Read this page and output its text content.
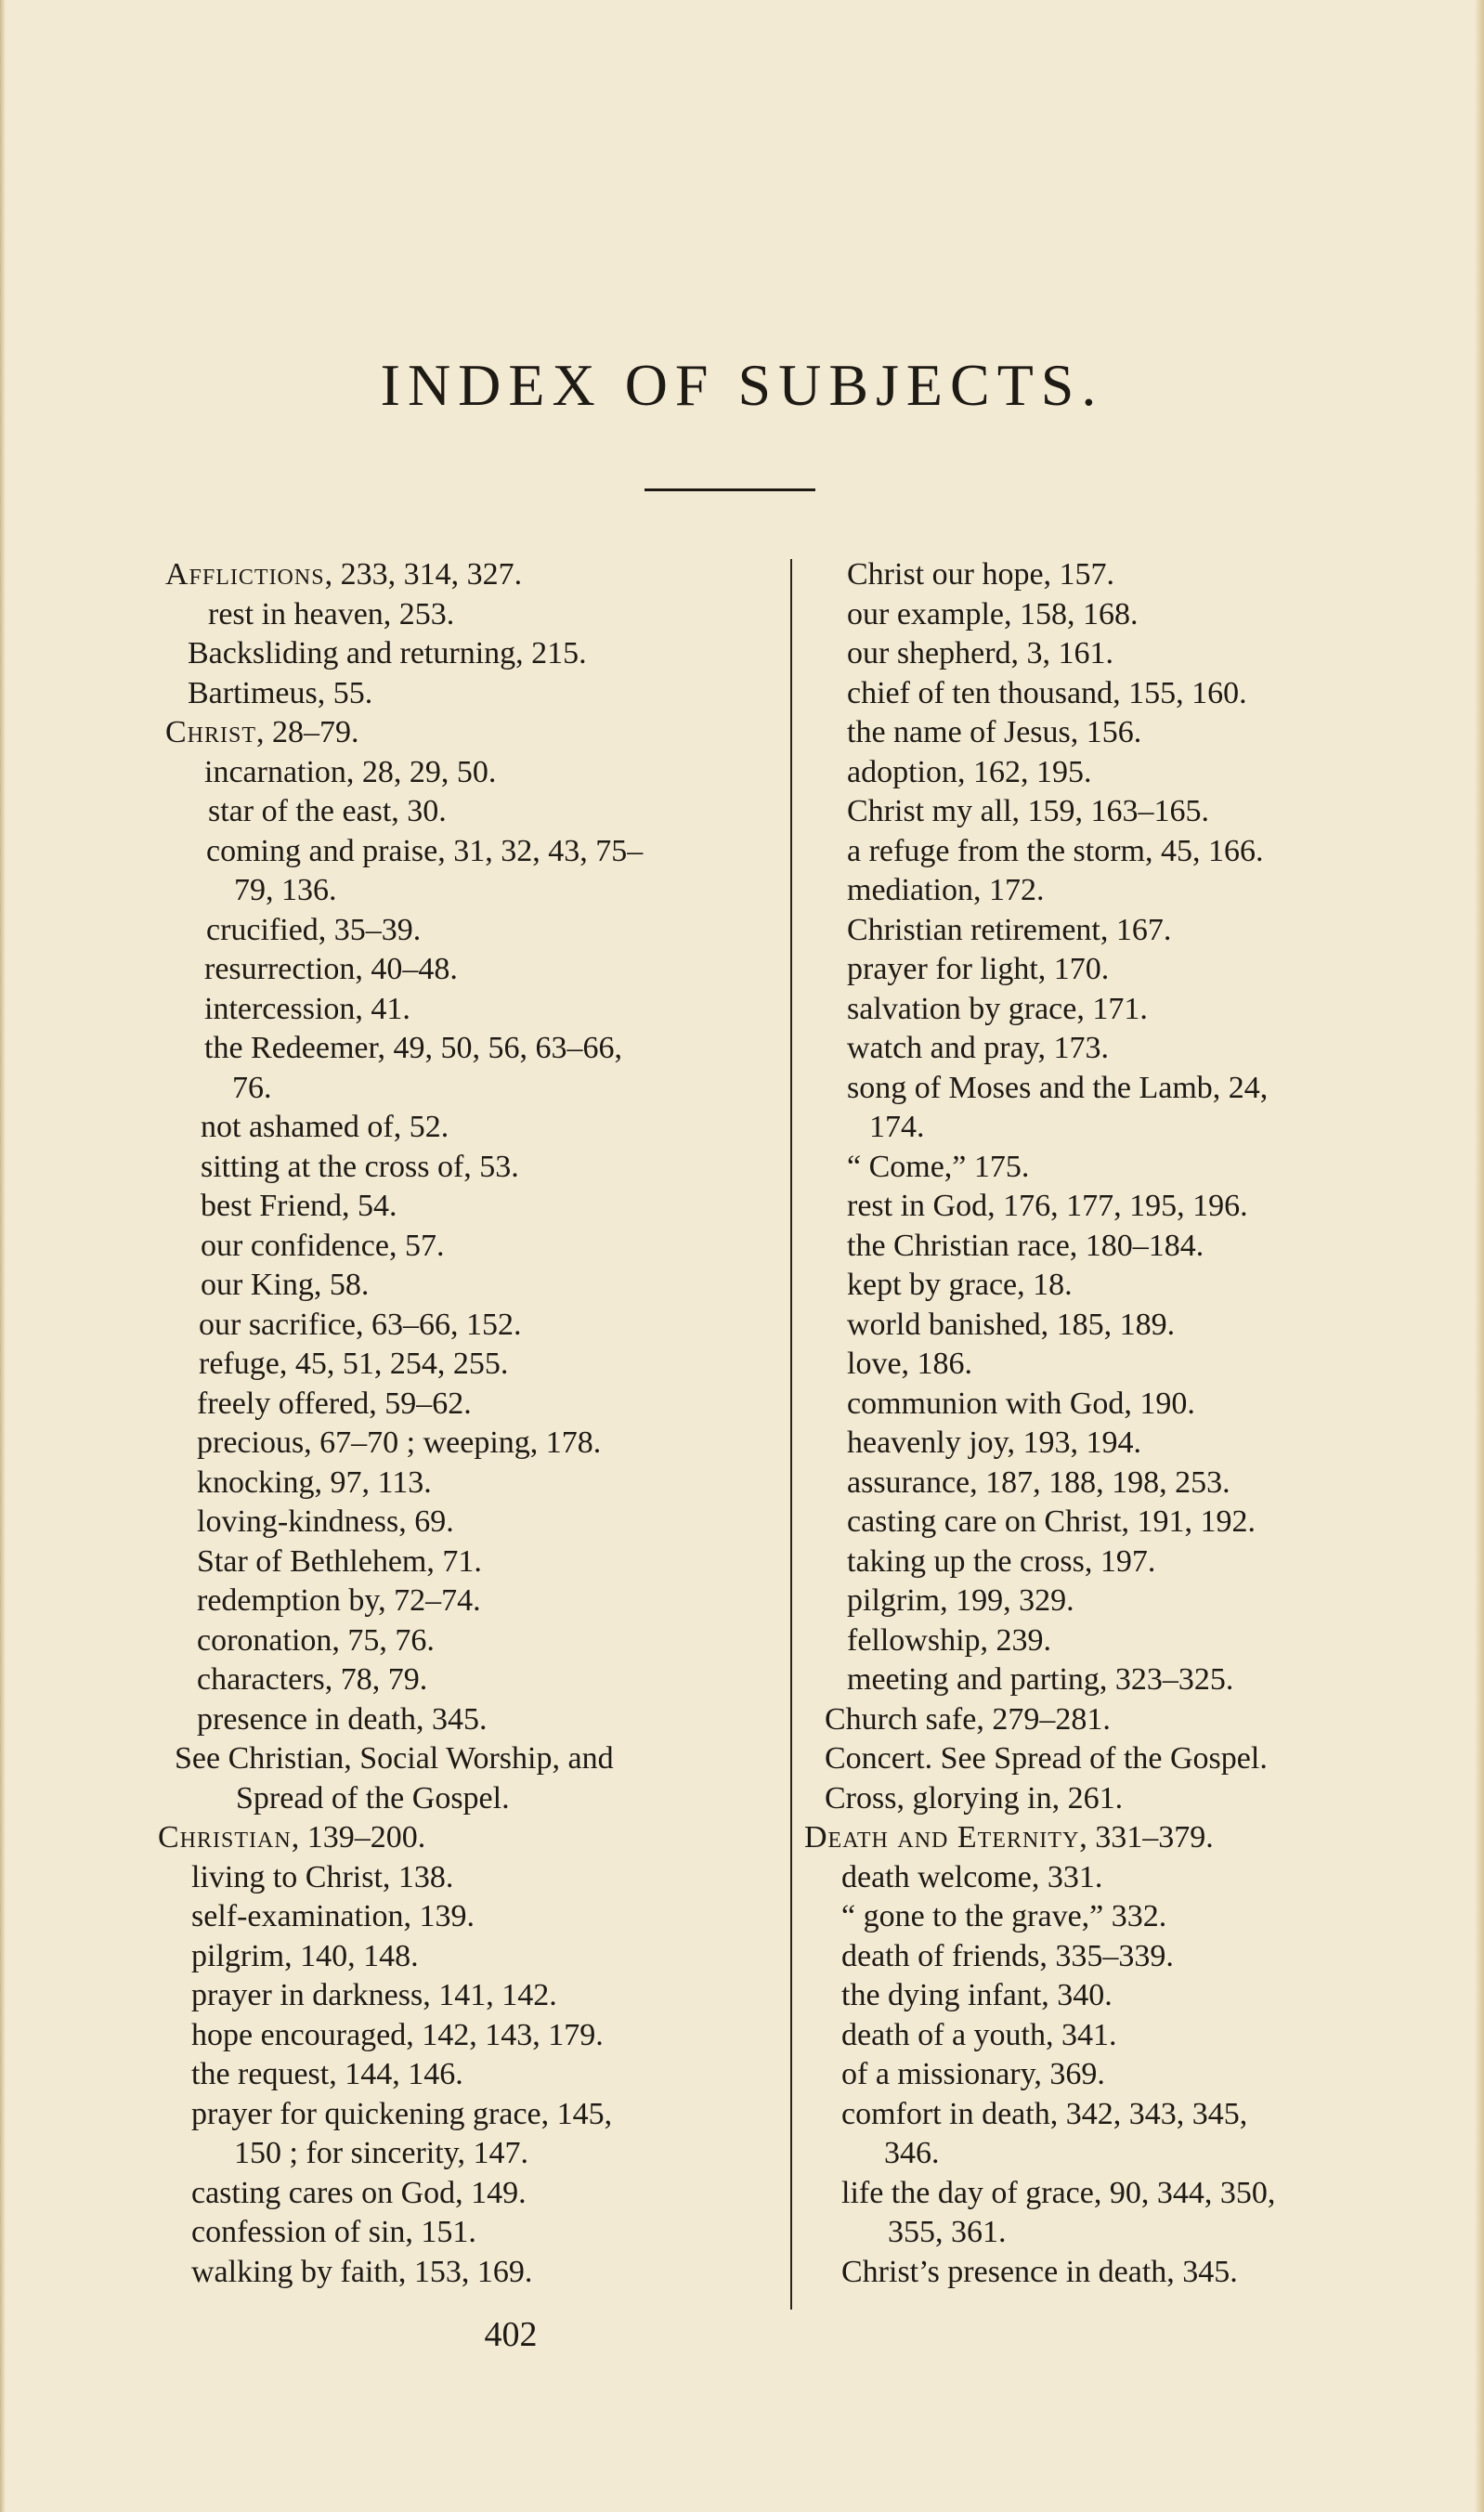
INDEX OF SUBJECTS.
Afflictions, 233, 314, 327.
rest in heaven, 253.
Backsliding and returning, 215.
Bartimeus, 55.
Christ, 28–79.
incarnation, 28, 29, 50.
star of the east, 30.
coming and praise, 31, 32, 43, 75–
79, 136.
crucified, 35–39.
resurrection, 40–48.
intercession, 41.
the Redeemer, 49, 50, 56, 63–66,
76.
not ashamed of, 52.
sitting at the cross of, 53.
best Friend, 54.
our confidence, 57.
our King, 58.
our sacrifice, 63–66, 152.
refuge, 45, 51, 254, 255.
freely offered, 59–62.
precious, 67–70 ; weeping, 178.
knocking, 97, 113.
loving-kindness, 69.
Star of Bethlehem, 71.
redemption by, 72–74.
coronation, 75, 76.
characters, 78, 79.
presence in death, 345.
See Christian, Social Worship, and
Spread of the Gospel.
Christian, 139–200.
living to Christ, 138.
self-examination, 139.
pilgrim, 140, 148.
prayer in darkness, 141, 142.
hope encouraged, 142, 143, 179.
the request, 144, 146.
prayer for quickening grace, 145,
150 ; for sincerity, 147.
casting cares on God, 149.
confession of sin, 151.
walking by faith, 153, 169.
Christ our hope, 157.
our example, 158, 168.
our shepherd, 3, 161.
chief of ten thousand, 155, 160.
the name of Jesus, 156.
adoption, 162, 195.
Christ my all, 159, 163–165.
a refuge from the storm, 45, 166.
mediation, 172.
Christian retirement, 167.
prayer for light, 170.
salvation by grace, 171.
watch and pray, 173.
song of Moses and the Lamb, 24,
174.
“ Come,” 175.
rest in God, 176, 177, 195, 196.
the Christian race, 180–184.
kept by grace, 18.
world banished, 185, 189.
love, 186.
communion with God, 190.
heavenly joy, 193, 194.
assurance, 187, 188, 198, 253.
casting care on Christ, 191, 192.
taking up the cross, 197.
pilgrim, 199, 329.
fellowship, 239.
meeting and parting, 323–325.
Church safe, 279–281.
Concert. See Spread of the Gospel.
Cross, glorying in, 261.
Death and Eternity, 331–379.
death welcome, 331.
“ gone to the grave,” 332.
death of friends, 335–339.
the dying infant, 340.
death of a youth, 341.
of a missionary, 369.
comfort in death, 342, 343, 345,
346.
life the day of grace, 90, 344, 350,
355, 361.
Christ’s presence in death, 345.
402
